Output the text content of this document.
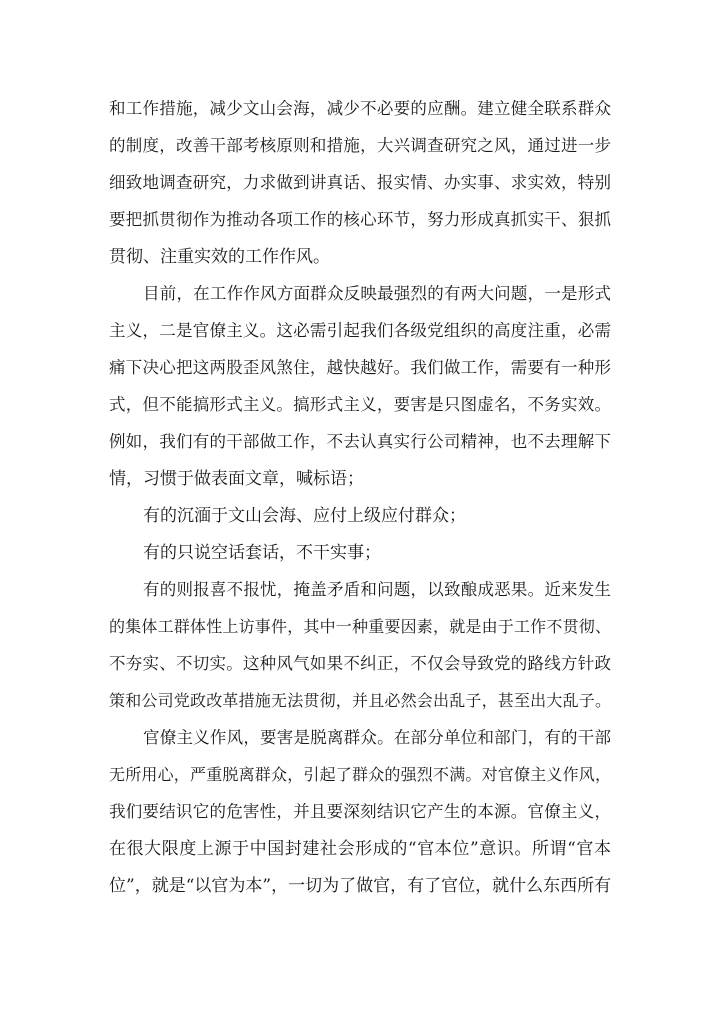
和工作措施，减少文山会海，减少不必要的应酬。建立健全联系群众
的制度，改善干部考核原则和措施，大兴调查研究之风，通过进一步
细致地调查研究，力求做到讲真话、报实情、办实事、求实效，特别
要把抓贯彻作为推动各项工作的核心环节，努力形成真抓实干、狠抓
贯彻、注重实效的工作作风。
目前，在工作作风方面群众反映最强烈的有两大问题，一是形式
主义，二是官僚主义。这必需引起我们各级党组织的高度注重，必需
痛下决心把这两股歪风煞住，越快越好。我们做工作，需要有一种形
式，但不能搞形式主义。搞形式主义，要害是只图虚名，不务实效。
例如，我们有的干部做工作，不去认真实行公司精神，也不去理解下
情，习惯于做表面文章，喊标语；
有的沉湎于文山会海、应付上级应付群众；
有的只说空话套话，不干实事；
有的则报喜不报忧，掩盖矛盾和问题，以致酿成恶果。近来发生
的集体工群体性上访事件，其中一种重要因素，就是由于工作不贯彻、
不夯实、不切实。这种风气如果不纠正，不仅会导致党的路线方针政
策和公司党政改革措施无法贯彻，并且必然会出乱子，甚至出大乱子。
官僚主义作风，要害是脱离群众。在部分单位和部门，有的干部
无所用心，严重脱离群众，引起了群众的强烈不满。对官僚主义作风，
我们要结识它的危害性，并且要深刻结识它产生的本源。官僚主义，
在很大限度上源于中国封建社会形成的“官本位”意识。所谓“官本
位”，就是“以官为本”，一切为了做官，有了官位，就什么东西所有
